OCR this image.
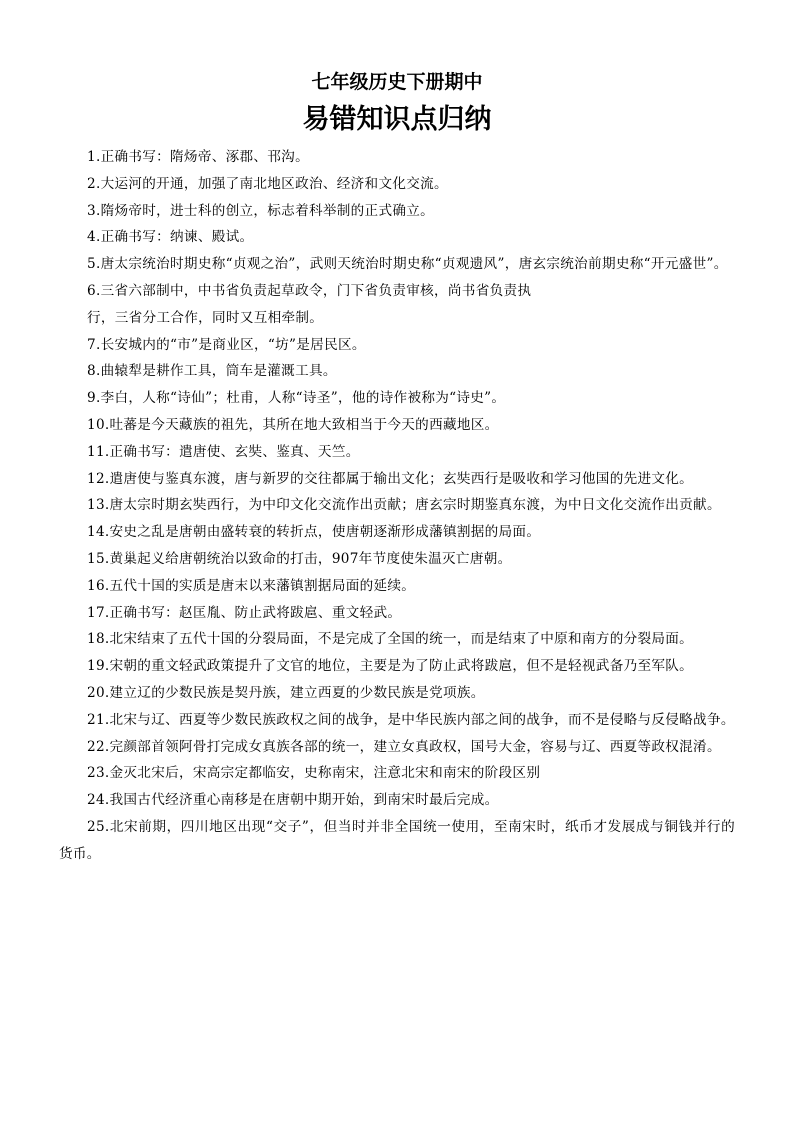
七年级历史下册期中
易错知识点归纳
1.正确书写：隋炀帝、涿郡、邗沟。
2.大运河的开通，加强了南北地区政治、经济和文化交流。
3.隋炀帝时，进士科的创立，标志着科举制的正式确立。
4.正确书写：纳谏、殿试。
5.唐太宗统治时期史称“贞观之治”，武则天统治时期史称“贞观遗风”，唐玄宗统治前期史称“开元盛世”。
6.三省六部制中，中书省负责起草政令，门下省负责审核，尚书省负责执
行，三省分工合作，同时又互相牵制。
7.长安城内的“市”是商业区，“坊”是居民区。
8.曲辕犁是耕作工具，筒车是灌溉工具。
9.李白，人称“诗仙”；杜甫，人称“诗圣”，他的诗作被称为“诗史”。
10.吐蕃是今天藏族的祖先，其所在地大致相当于今天的西藏地区。
11.正确书写：遣唐使、玄奘、鉴真、天竺。
12.遣唐使与鉴真东渡，唐与新罗的交往都属于输出文化；玄奘西行是吸收和学习他国的先进文化。
13.唐太宗时期玄奘西行，为中印文化交流作出贡献；唐玄宗时期鉴真东渡，为中日文化交流作出贡献。
14.安史之乱是唐朝由盛转衰的转折点，使唐朝逐渐形成藩镇割据的局面。
15.黄巢起义给唐朝统治以致命的打击，907年节度使朱温灭亡唐朝。
16.五代十国的实质是唐末以来藩镇割据局面的延续。
17.正确书写：赵匡胤、防止武将跋扈、重文轻武。
18.北宋结束了五代十国的分裂局面，不是完成了全国的统一，而是结束了中原和南方的分裂局面。
19.宋朝的重文轻武政策提升了文官的地位，主要是为了防止武将跋扈，但不是轻视武备乃至军队。
20.建立辽的少数民族是契丹族，建立西夏的少数民族是党项族。
21.北宋与辽、西夏等少数民族政权之间的战争，是中华民族内部之间的战争，而不是侵略与反侵略战争。
22.完颜部首领阿骨打完成女真族各部的统一，建立女真政权，国号大金，容易与辽、西夏等政权混淆。
23.金灭北宋后，宋高宗定都临安，史称南宋，注意北宋和南宋的阶段区别
24.我国古代经济重心南移是在唐朝中期开始，到南宋时最后完成。
25.北宋前期，四川地区出现“交子”，但当时并非全国统一使用，至南宋时，纸币才发展成与铜钱并行的货币。
